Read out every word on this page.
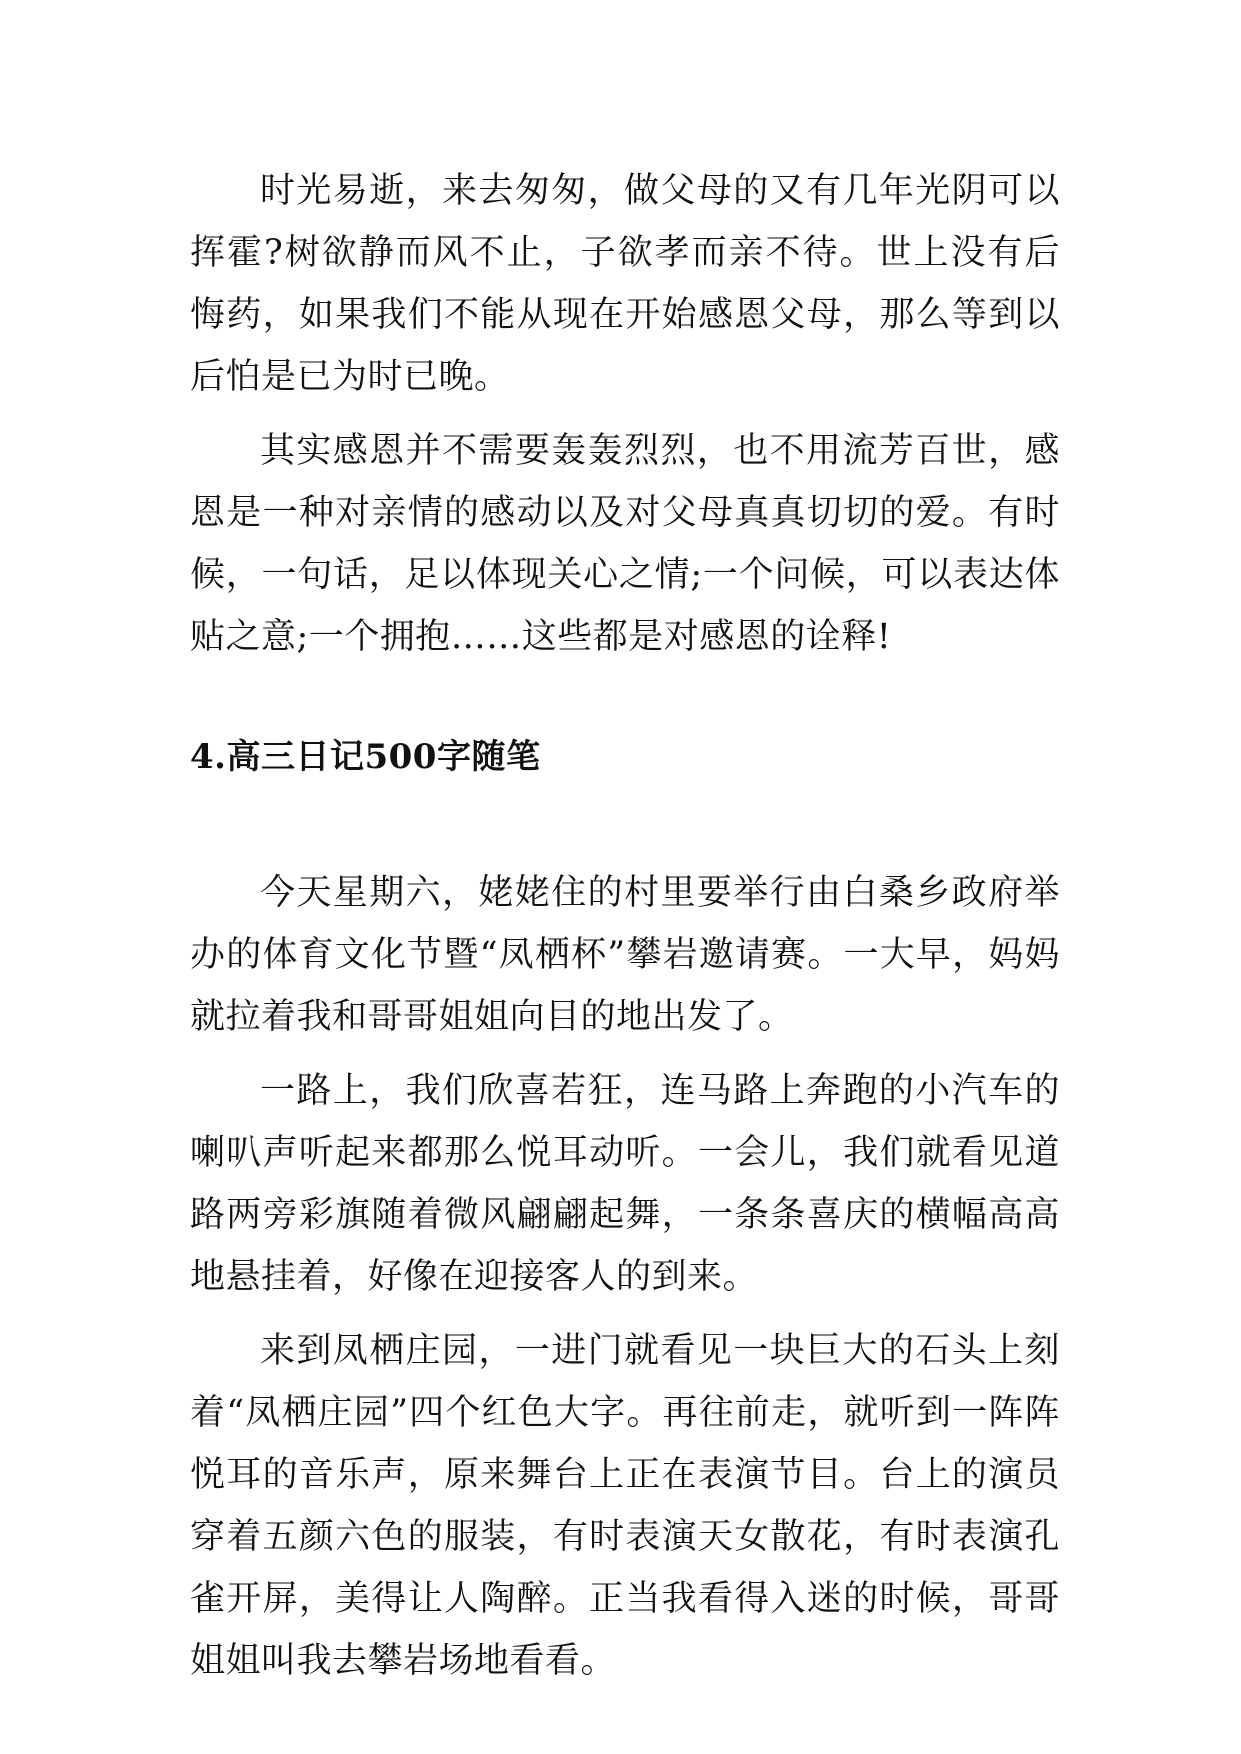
时光易逝，来去匆匆，做父母的又有几年光阴可以挥霍?树欲静而风不止，子欲孝而亲不待。世上没有后悔药，如果我们不能从现在开始感恩父母，那么等到以后怕是已为时已晚。

其实感恩并不需要轰轰烈烈，也不用流芳百世，感恩是一种对亲情的感动以及对父母真真切切的爱。有时候，一句话，足以体现关心之情;一个问候，可以表达体贴之意;一个拥抱……这些都是对感恩的诠释!

4.高三日记500字随笔

今天星期六，姥姥住的村里要举行由白桑乡政府举办的体育文化节暨“凤栖杯”攀岩邀请赛。一大早，妈妈就拉着我和哥哥姐姐向目的地出发了。

一路上，我们欣喜若狂，连马路上奔跑的小汽车的喇叭声听起来都那么悦耳动听。一会儿，我们就看见道路两旁彩旗随着微风翩翩起舞，一条条喜庆的横幅高高地悬挂着，好像在迎接客人的到来。

来到凤栖庄园，一进门就看见一块巨大的石头上刻着“凤栖庄园”四个红色大字。再往前走，就听到一阵阵悦耳的音乐声，原来舞台上正在表演节目。台上的演员穿着五颜六色的服装，有时表演天女散花，有时表演孔雀开屏，美得让人陶醉。正当我看得入迷的时候，哥哥姐姐叫我去攀岩场地看看。
